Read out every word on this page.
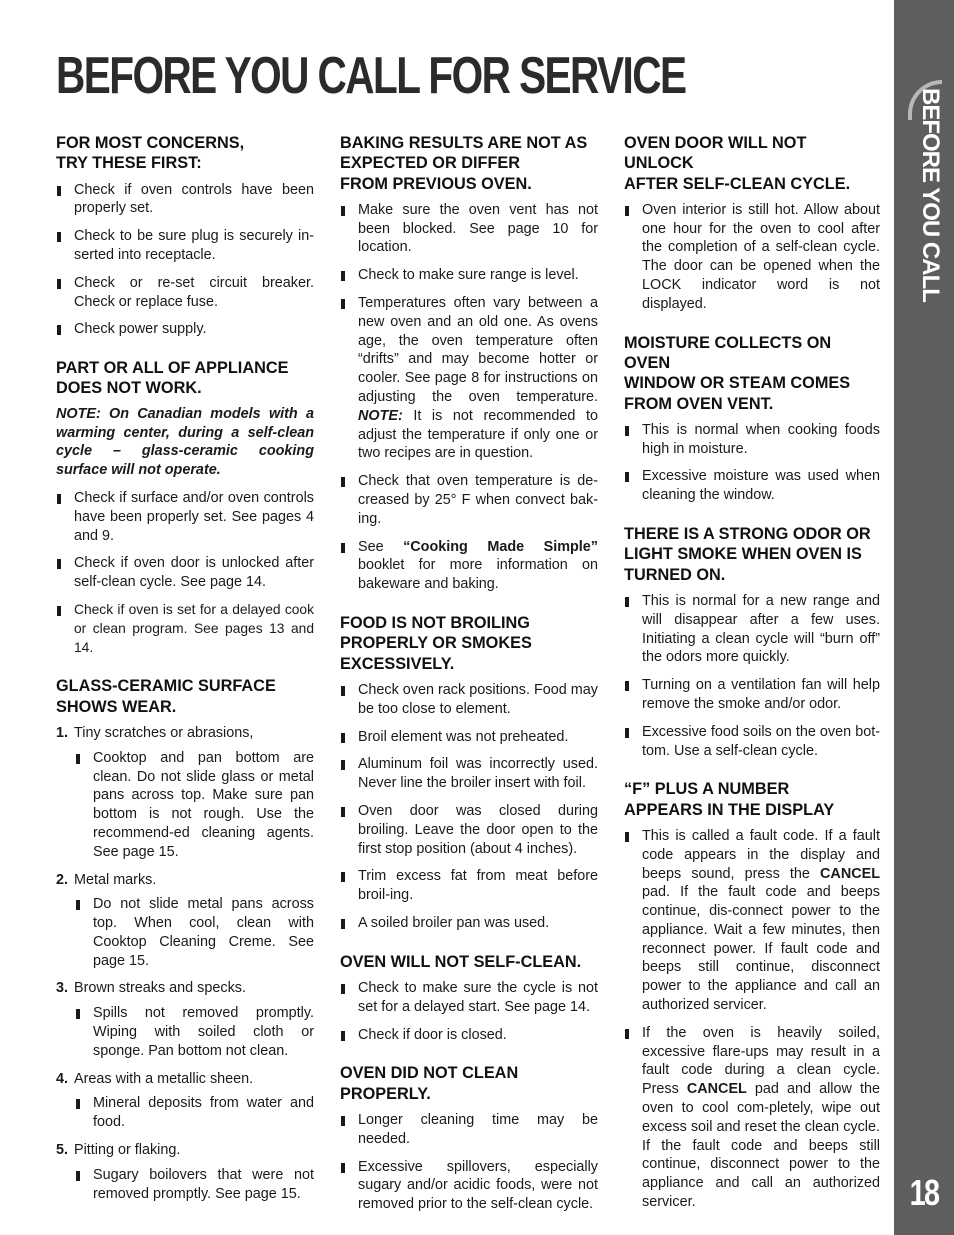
BEFORE YOU CALL FOR SERVICE
BEFORE YOU CALL
18
FOR MOST CONCERNS,
TRY THESE FIRST:
Check if oven controls have been properly set.
Check to be sure plug is securely in-serted into receptacle.
Check or re-set circuit breaker. Check or replace fuse.
Check power supply.
PART OR ALL OF APPLIANCE
DOES NOT WORK.

NOTE: On Canadian models with a warming center, during a self-clean cycle – glass-ceramic cooking surface will not operate.

Check if surface and/or oven controls have been properly set. See pages 4 and 9.
Check if oven door is unlocked after self-clean cycle. See page 14.
Check if oven is set for a delayed cook or clean program. See pages 13 and 14.
GLASS-CERAMIC SURFACE
SHOWS WEAR.
1. Tiny scratches or abrasions,
Cooktop and pan bottom are clean. Do not slide glass or metal pans across top. Make sure pan bottom is not rough. Use the recommend-ed cleaning agents. See page 15.
2. Metal marks.
Do not slide metal pans across top. When cool, clean with Cooktop Cleaning Creme. See page 15.
3. Brown streaks and specks.
Spills not removed promptly. Wiping with soiled cloth or sponge. Pan bottom not clean.
4. Areas with a metallic sheen.
Mineral deposits from water and food.
5. Pitting or flaking.
Sugary boilovers that were not removed promptly. See page 15.
BAKING RESULTS ARE NOT AS
EXPECTED OR DIFFER
FROM PREVIOUS OVEN.
Make sure the oven vent has not been blocked. See page 10 for location.
Check to make sure range is level.
Temperatures often vary between a new oven and an old one. As ovens age, the oven temperature often “drifts” and may become hotter or cooler. See page 8 for instructions on adjusting the oven temperature. NOTE: It is not recommended to adjust the temperature if only one or two recipes are in question.
Check that oven temperature is de-creased by 25° F when convect bak-ing.
See “Cooking Made Simple” booklet for more information on bakeware and baking.
FOOD IS NOT BROILING
PROPERLY OR SMOKES
EXCESSIVELY.
Check oven rack positions. Food may be too close to element.
Broil element was not preheated.
Aluminum foil was incorrectly used. Never line the broiler insert with foil.
Oven door was closed during broiling. Leave the door open to the first stop position (about 4 inches).
Trim excess fat from meat before broil-ing.
A soiled broiler pan was used.
OVEN WILL NOT SELF-CLEAN.
Check to make sure the cycle is not set for a delayed start. See page 14.
Check if door is closed.
OVEN DID NOT CLEAN PROPERLY.
Longer cleaning time may be needed.
Excessive spillovers, especially sugary and/or acidic foods, were not removed prior to the self-clean cycle.
OVEN DOOR WILL NOT UNLOCK
AFTER SELF-CLEAN CYCLE.
Oven interior is still hot. Allow about one hour for the oven to cool after the completion of a self-clean cycle. The door can be opened when the LOCK indicator word is not displayed.
MOISTURE COLLECTS ON OVEN
WINDOW OR STEAM COMES
FROM OVEN VENT.
This is normal when cooking foods high in moisture.
Excessive moisture was used when cleaning the window.
THERE IS A STRONG ODOR OR
LIGHT SMOKE WHEN OVEN IS
TURNED ON.
This is normal for a new range and will disappear after a few uses. Initiating a clean cycle will “burn off” the odors more quickly.
Turning on a ventilation fan will help remove the smoke and/or odor.
Excessive food soils on the oven bot-tom. Use a self-clean cycle.
“F” PLUS A NUMBER
APPEARS IN THE DISPLAY
This is called a fault code. If a fault code appears in the display and beeps sound, press the CANCEL pad. If the fault code and beeps continue, dis-connect power to the appliance. Wait a few minutes, then reconnect power. If fault code and beeps still continue, disconnect power to the appliance and call an authorized servicer.
If the oven is heavily soiled, excessive flare-ups may result in a fault code during a clean cycle. Press CANCEL pad and allow the oven to cool com-pletely, wipe out excess soil and reset the clean cycle. If the fault code and beeps still continue, disconnect power to the appliance and call an authorized servicer.
